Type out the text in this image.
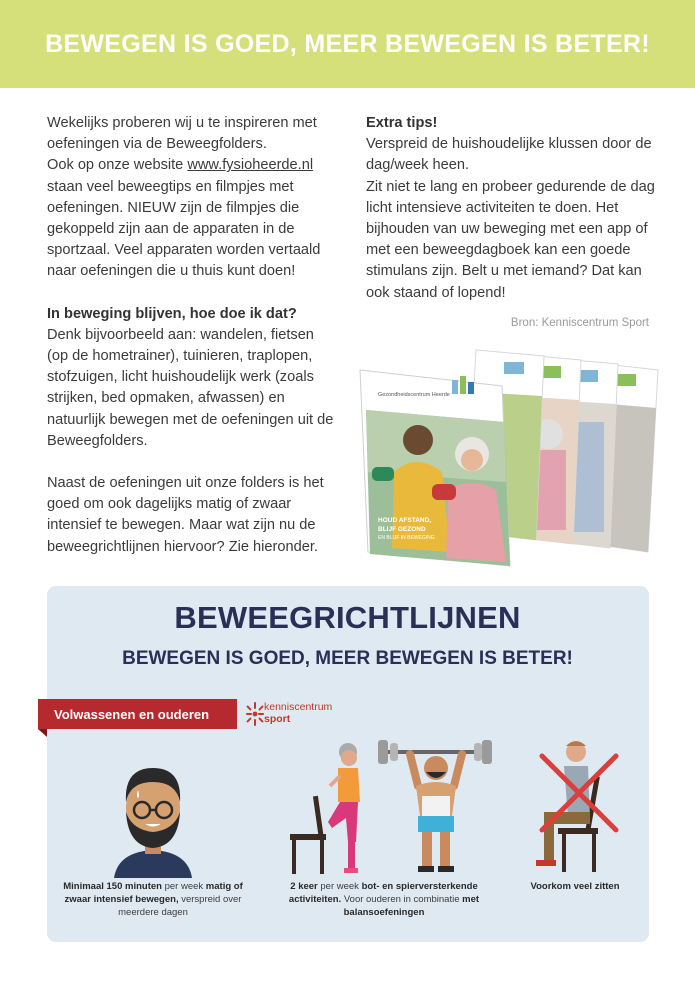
BEWEGEN IS GOED, MEER BEWEGEN IS BETER!

Wekelijks proberen wij u te inspireren met oefeningen via de Beweegfolders.
Ook op onze website www.fysioheerde.nl staan veel beweegtips en filmpjes met oefeningen. NIEUW zijn de filmpjes die gekoppeld zijn aan de apparaten in de sportzaal. Veel apparaten worden vertaald naar oefeningen die u thuis kunt doen!

In beweging blijven, hoe doe ik dat?

Denk bijvoorbeeld aan: wandelen, fietsen (op de hometrainer), tuinieren, traplopen, stofzuigen, licht huishoudelijk werk (zoals strijken, bed opmaken, afwassen) en natuurlijk bewegen met de oefeningen uit de Beweegfolders.

Naast de oefeningen uit onze folders is het goed om ook dagelijks matig of zwaar intensief te bewegen. Maar wat zijn nu de beweegrichtlijnen hiervoor? Zie hieronder.

Extra tips!

Verspreid de huishoudelijke klussen door de dag/week heen.

Zit niet te lang en probeer gedurende de dag licht intensieve activiteiten te doen. Het bijhouden van uw beweging met een app of met een beweegdagboek kan een goede stimulans zijn. Belt u met iemand? Dat kan ook staand of lopend!

Bron: Kenniscentrum Sport
Gezondheidscentrum Heerde
HOUD AFSTAND,
BLIJF GEZOND
EN BLIJF IN BEWEGING
BEWEEGRICHTLIJNEN
BEWEGEN IS GOED, MEER BEWEGEN IS BETER!
Volwassenen en ouderen	kenniscentrum
sport
Minimaal 150 minuten per week matig of zwaar intensief bewegen, verspreid over meerdere dagen
2 keer per week bot- en spierversterkende activiteiten. Voor ouderen in combinatie met balansoefeningen
Voorkom veel zitten
